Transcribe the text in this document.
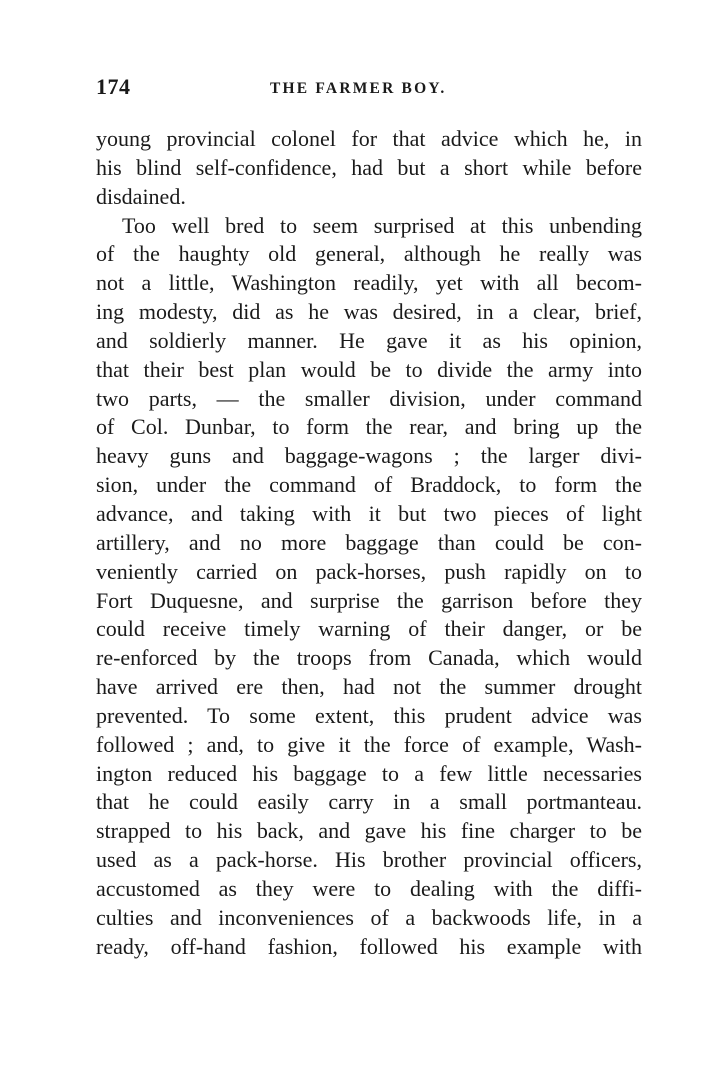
174	THE FARMER BOY.
young provincial colonel for that advice which he, in
his blind self-confidence, had but a short while before
disdained.
Too well bred to seem surprised at this unbending
of the haughty old general, although he really was
not a little, Washington readily, yet with all becom-
ing modesty, did as he was desired, in a clear, brief,
and soldierly manner. He gave it as his opinion,
that their best plan would be to divide the army into
two parts, — the smaller division, under command
of Col. Dunbar, to form the rear, and bring up the
heavy guns and baggage-wagons ; the larger divi-
sion, under the command of Braddock, to form the
advance, and taking with it but two pieces of light
artillery, and no more baggage than could be con-
veniently carried on pack-horses, push rapidly on to
Fort Duquesne, and surprise the garrison before they
could receive timely warning of their danger, or be
re-enforced by the troops from Canada, which would
have arrived ere then, had not the summer drought
prevented. To some extent, this prudent advice was
followed ; and, to give it the force of example, Wash-
ington reduced his baggage to a few little necessaries
that he could easily carry in a small portmanteau.
strapped to his back, and gave his fine charger to be
used as a pack-horse. His brother provincial officers,
accustomed as they were to dealing with the diffi-
culties and inconveniences of a backwoods life, in a
ready, off-hand fashion, followed his example with
